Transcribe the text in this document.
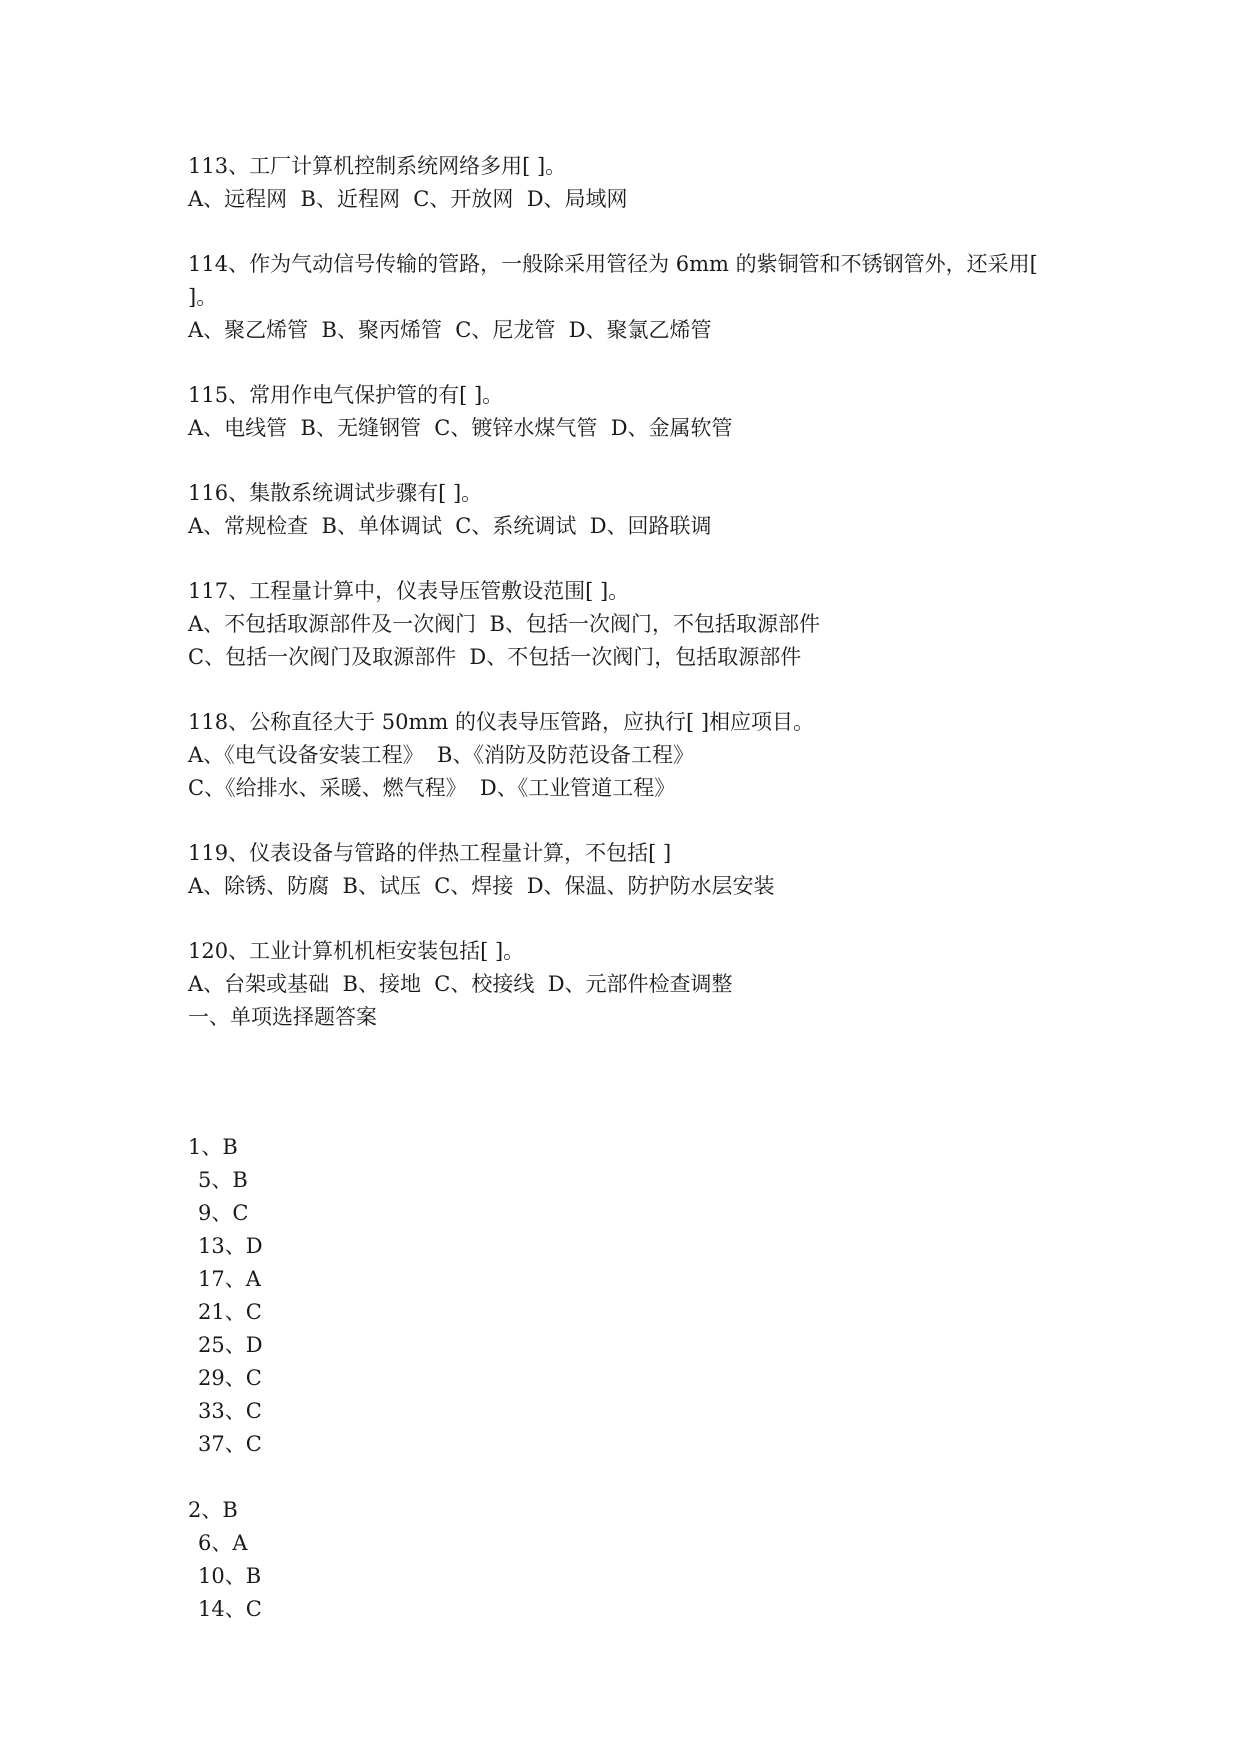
113、工厂计算机控制系统网络多用[ ]。
A、远程网  B、近程网  C、开放网  D、局域网
114、作为气动信号传输的管路，一般除采用管径为 6mm 的紫铜管和不锈钢管外，还采用[ ]。
A、聚乙烯管  B、聚丙烯管  C、尼龙管  D、聚氯乙烯管
115、常用作电气保护管的有[ ]。
A、电线管  B、无缝钢管  C、镀锌水煤气管  D、金属软管
116、集散系统调试步骤有[ ]。
A、常规检查  B、单体调试  C、系统调试  D、回路联调
117、工程量计算中，仪表导压管敷设范围[ ]。
A、不包括取源部件及一次阀门  B、包括一次阀门，不包括取源部件
C、包括一次阀门及取源部件  D、不包括一次阀门，包括取源部件
118、公称直径大于 50mm 的仪表导压管路，应执行[ ]相应项目。
A、《电气设备安装工程》  B、《消防及防范设备工程》
C、《给排水、采暖、燃气程》  D、《工业管道工程》
119、仪表设备与管路的伴热工程量计算，不包括[ ]
A、除锈、防腐  B、试压  C、焊接  D、保温、防护防水层安装
120、工业计算机机柜安装包括[ ]。
A、台架或基础  B、接地  C、校接线  D、元部件检查调整
一、单项选择题答案
1、B
5、B
9、C
13、D
17、A
21、C
25、D
29、C
33、C
37、C
2、B
6、A
10、B
14、C
